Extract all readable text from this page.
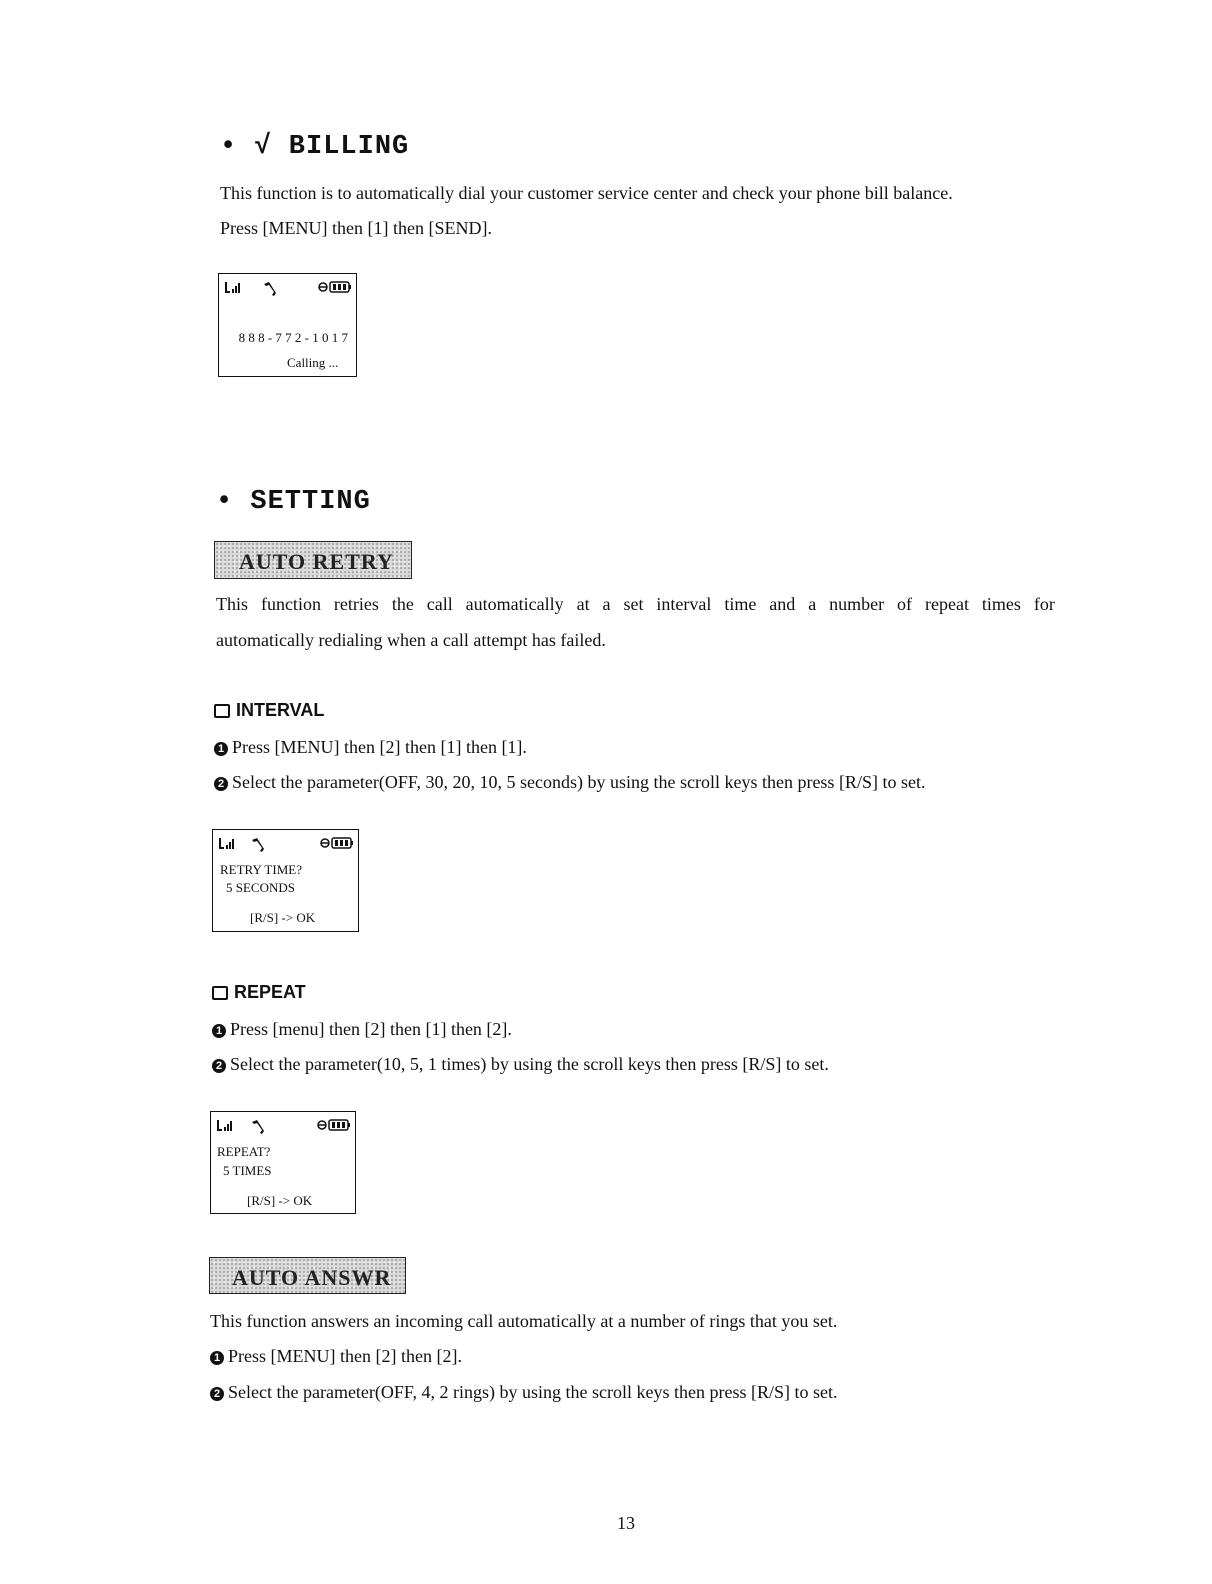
• √ BILLING
This function is to automatically dial your customer service center and check your phone bill balance.
Press [MENU] then [1] then [SEND].
8 8 8 - 7 7 2 - 1 0 1 7
Calling ...
• SETTING
AUTO RETRY
This function retries the call automatically at a set interval time and a number of repeat times for
automatically redialing when a call attempt has failed.
INTERVAL
1 Press [MENU] then [2] then [1] then [1].
2 Select the parameter(OFF, 30, 20, 10, 5 seconds) by using the scroll keys then press [R/S] to set.
RETRY TIME?
5 SECONDS
[R/S] -> OK
REPEAT
1 Press [menu] then [2] then [1] then [2].
2 Select the parameter(10, 5, 1 times) by using the scroll keys then press [R/S] to set.
REPEAT?
5 TIMES
[R/S] -> OK
AUTO ANSWR
This function answers an incoming call automatically at a number of rings that you set.
1 Press [MENU] then [2] then [2].
2 Select the parameter(OFF, 4, 2 rings) by using the scroll keys then press [R/S] to set.
13
